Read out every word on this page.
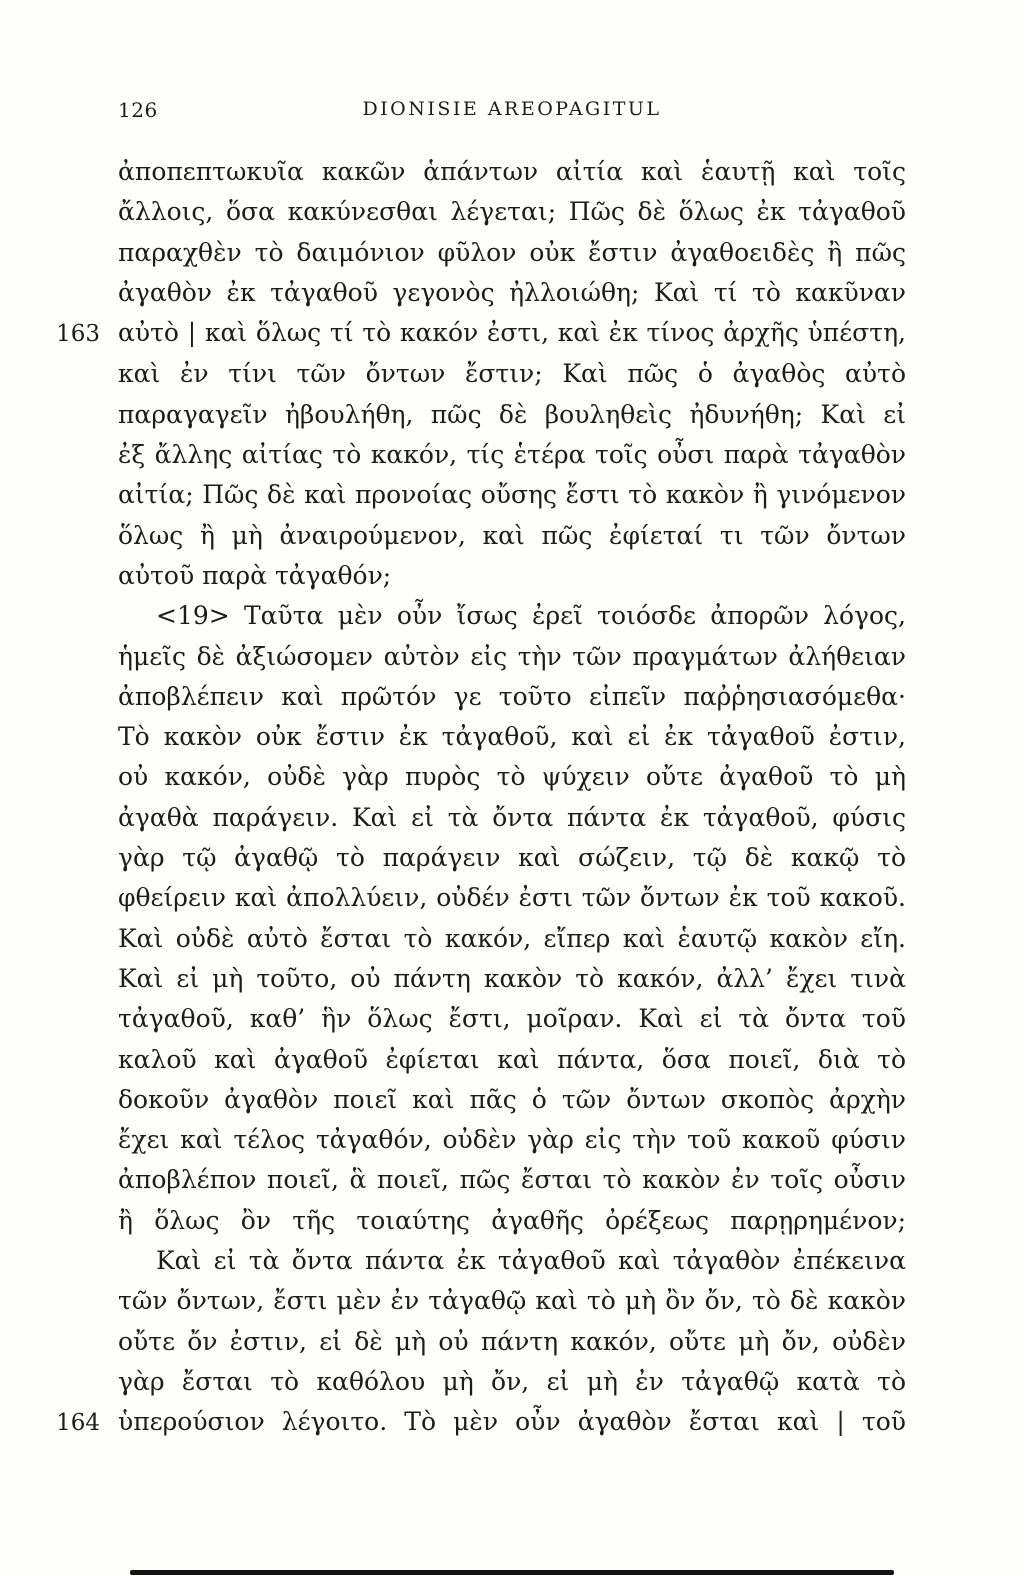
126	DIONISIE AREOPAGITUL
ἀποπεπτωκυῖα κακῶν ἁπάντων αἰτία καὶ ἑαυτῇ καὶ τοῖς
ἄλλοις, ὅσα κακύνεσθαι λέγεται; Πῶς δὲ ὅλως ἐκ τἀγαθοῦ
παραχθὲν τὸ δαιμόνιον φῦλον οὐκ ἔστιν ἀγαθοειδὲς ἢ πῶς
ἀγαθὸν ἐκ τἀγαθοῦ γεγονὸς ἠλλοιώθη; Καὶ τί τὸ κακῦναν
163 αὐτὸ | καὶ ὅλως τί τὸ κακόν ἐστι, καὶ ἐκ τίνος ἀρχῆς ὑπέστη,
καὶ ἐν τίνι τῶν ὄντων ἔστιν; Καὶ πῶς ὁ ἀγαθὸς αὐτὸ
παραγαγεῖν ἠβουλήθη, πῶς δὲ βουληθεὶς ἠδυνήθη; Καὶ εἰ
ἐξ ἄλλης αἰτίας τὸ κακόν, τίς ἑτέρα τοῖς οὖσι παρὰ τἀγαθὸν
αἰτία; Πῶς δὲ καὶ προνοίας οὔσης ἔστι τὸ κακὸν ἢ γινόμενον
ὅλως ἢ μὴ ἀναιρούμενον, καὶ πῶς ἐφίεταί τι τῶν ὄντων
αὐτοῦ παρὰ τἀγαθόν;
<19> Ταῦτα μὲν οὖν ἴσως ἐρεῖ τοιόσδε ἀπορῶν λόγος,
ἡμεῖς δὲ ἀξιώσομεν αὐτὸν εἰς τὴν τῶν πραγμάτων ἀλήθειαν
ἀποβλέπειν καὶ πρῶτόν γε τοῦτο εἰπεῖν παῤῥησιασόμεθα·
Τὸ κακὸν οὐκ ἔστιν ἐκ τἀγαθοῦ, καὶ εἰ ἐκ τἀγαθοῦ ἐστιν,
οὐ κακόν, οὐδὲ γὰρ πυρὸς τὸ ψύχειν οὔτε ἀγαθοῦ τὸ μὴ
ἀγαθὰ παράγειν. Καὶ εἰ τὰ ὄντα πάντα ἐκ τἀγαθοῦ, φύσις
γὰρ τῷ ἀγαθῷ τὸ παράγειν καὶ σώζειν, τῷ δὲ κακῷ τὸ
φθείρειν καὶ ἀπολλύειν, οὐδέν ἐστι τῶν ὄντων ἐκ τοῦ κακοῦ.
Καὶ οὐδὲ αὐτὸ ἔσται τὸ κακόν, εἴπερ καὶ ἑαυτῷ κακὸν εἴη.
Καὶ εἰ μὴ τοῦτο, οὐ πάντη κακὸν τὸ κακόν, ἀλλ’ ἔχει τινὰ
τἀγαθοῦ, καθ’ ἣν ὅλως ἔστι, μοῖραν. Καὶ εἰ τὰ ὄντα τοῦ
καλοῦ καὶ ἀγαθοῦ ἐφίεται καὶ πάντα, ὅσα ποιεῖ, διὰ τὸ
δοκοῦν ἀγαθὸν ποιεῖ καὶ πᾶς ὁ τῶν ὄντων σκοπὸς ἀρχὴν
ἔχει καὶ τέλος τἀγαθόν, οὐδὲν γὰρ εἰς τὴν τοῦ κακοῦ φύσιν
ἀποβλέπον ποιεῖ, ἃ ποιεῖ, πῶς ἔσται τὸ κακὸν ἐν τοῖς οὖσιν
ἢ ὅλως ὂν τῆς τοιαύτης ἀγαθῆς ὀρέξεως παρῃρημένον;
Καὶ εἰ τὰ ὄντα πάντα ἐκ τἀγαθοῦ καὶ τἀγαθὸν ἐπέκεινα
τῶν ὄντων, ἔστι μὲν ἐν τἀγαθῷ καὶ τὸ μὴ ὂν ὄν, τὸ δὲ κακὸν
οὔτε ὄν ἐστιν, εἰ δὲ μὴ οὐ πάντη κακόν, οὔτε μὴ ὄν, οὐδὲν
γὰρ ἔσται τὸ καθόλου μὴ ὄν, εἰ μὴ ἐν τἀγαθῷ κατὰ τὸ
164 ὑπερούσιον λέγοιτο. Τὸ μὲν οὖν ἀγαθὸν ἔσται καὶ | τοῦ
